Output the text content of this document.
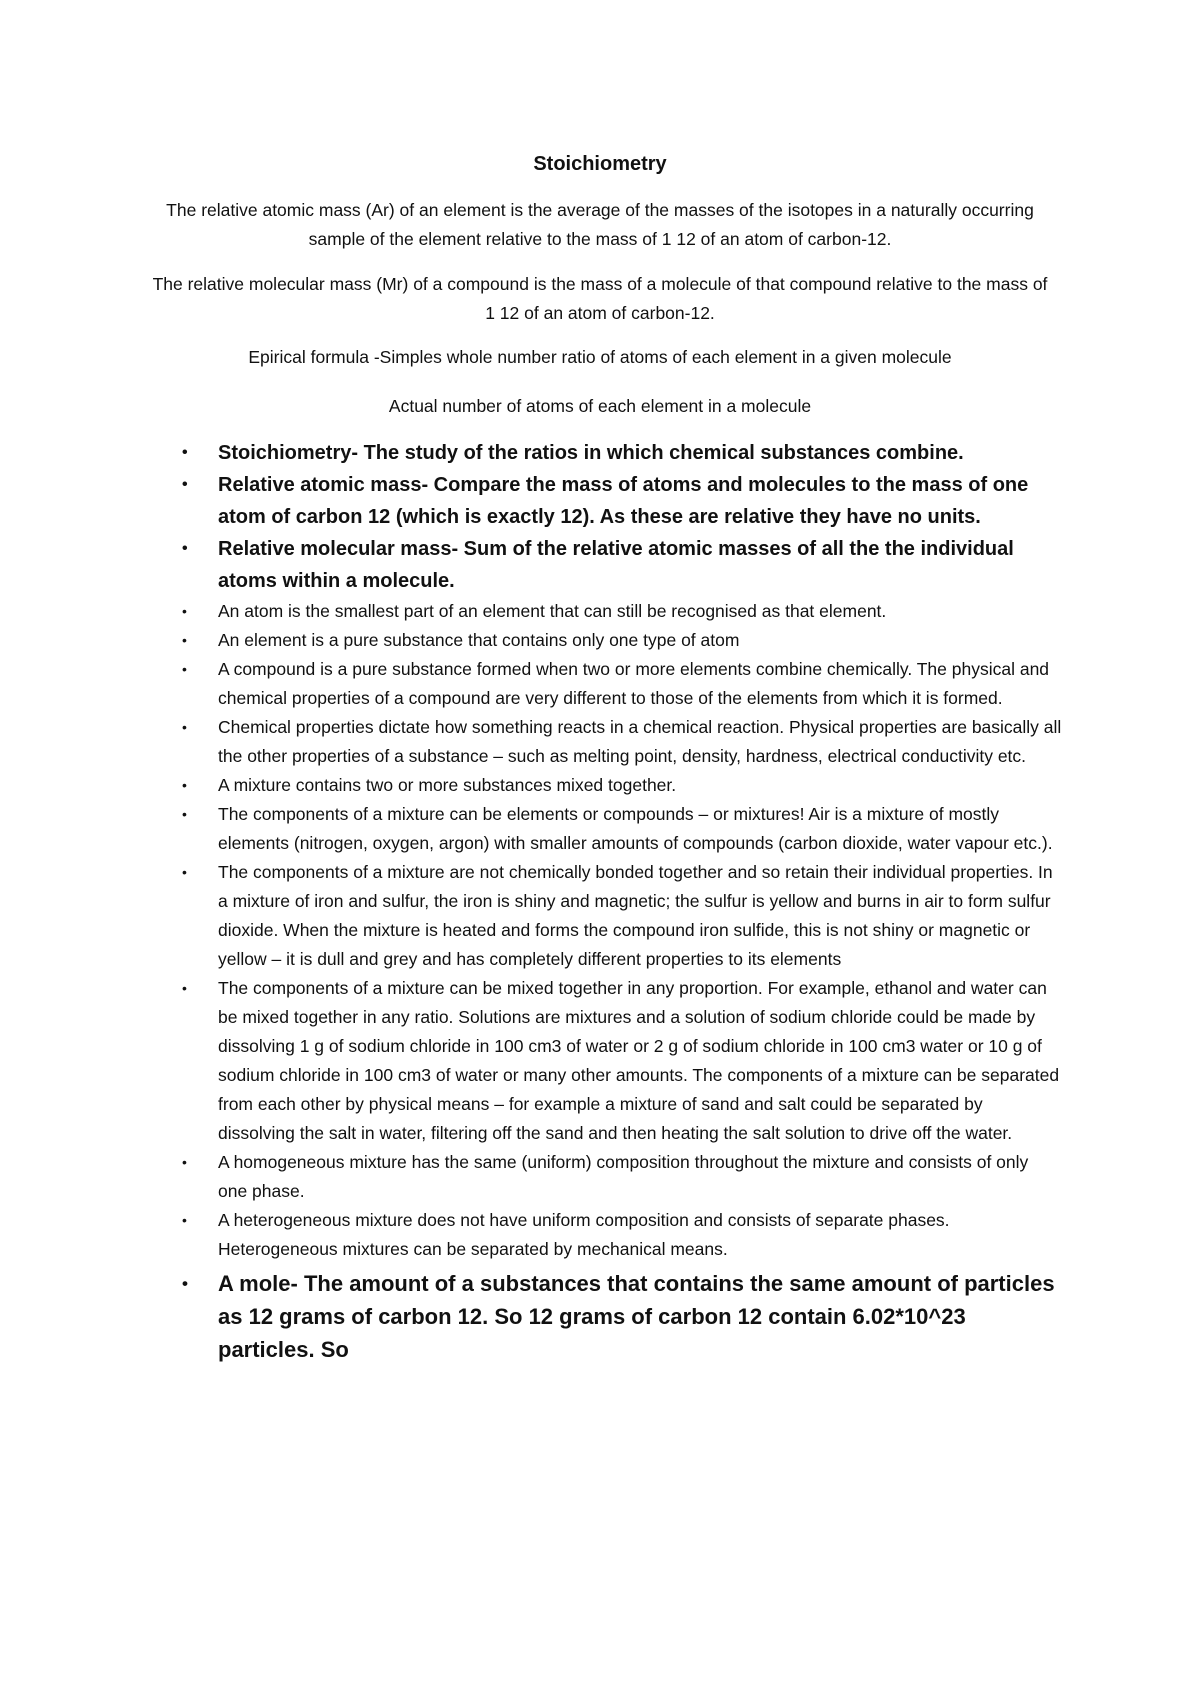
Stoichiometry
The relative atomic mass (Ar) of an element is the average of the masses of the isotopes in a naturally occurring sample of the element relative to the mass of 1 12 of an atom of carbon-12.
The relative molecular mass (Mr) of a compound is the mass of a molecule of that compound relative to the mass of 1 12 of an atom of carbon-12.
Epirical formula -Simples whole number ratio of atoms of each element in a given molecule
Actual number of atoms of each element in a molecule
• Stoichiometry- The study of the ratios in which chemical substances combine.
• Relative atomic mass- Compare the mass of atoms and molecules to the mass of one atom of carbon 12 (which is exactly 12). As these are relative they have no units.
• Relative molecular mass- Sum of the relative atomic masses of all the the individual atoms within a molecule.
• An atom is the smallest part of an element that can still be recognised as that element.
• An element is a pure substance that contains only one type of atom
• A compound is a pure substance formed when two or more elements combine chemically. The physical and chemical properties of a compound are very different to those of the elements from which it is formed.
• Chemical properties dictate how something reacts in a chemical reaction. Physical properties are basically all the other properties of a substance – such as melting point, density, hardness, electrical conductivity etc.
• A mixture contains two or more substances mixed together.
• The components of a mixture can be elements or compounds – or mixtures! Air is a mixture of mostly elements (nitrogen, oxygen, argon) with smaller amounts of compounds (carbon dioxide, water vapour etc.).
• The components of a mixture are not chemically bonded together and so retain their individual properties. In a mixture of iron and sulfur, the iron is shiny and magnetic; the sulfur is yellow and burns in air to form sulfur dioxide. When the mixture is heated and forms the compound iron sulfide, this is not shiny or magnetic or yellow – it is dull and grey and has completely different properties to its elements
• The components of a mixture can be mixed together in any proportion. For example, ethanol and water can be mixed together in any ratio. Solutions are mixtures and a solution of sodium chloride could be made by dissolving 1 g of sodium chloride in 100 cm3 of water or 2 g of sodium chloride in 100 cm3 water or 10 g of sodium chloride in 100 cm3 of water or many other amounts. The components of a mixture can be separated from each other by physical means – for example a mixture of sand and salt could be separated by dissolving the salt in water, filtering off the sand and then heating the salt solution to drive off the water.
• A homogeneous mixture has the same (uniform) composition throughout the mixture and consists of only one phase.
• A heterogeneous mixture does not have uniform composition and consists of separate phases. Heterogeneous mixtures can be separated by mechanical means.
• A mole- The amount of a substances that contains the same amount of particles as 12 grams of carbon 12. So 12 grams of carbon 12 contain 6.02*10^23 particles. So
